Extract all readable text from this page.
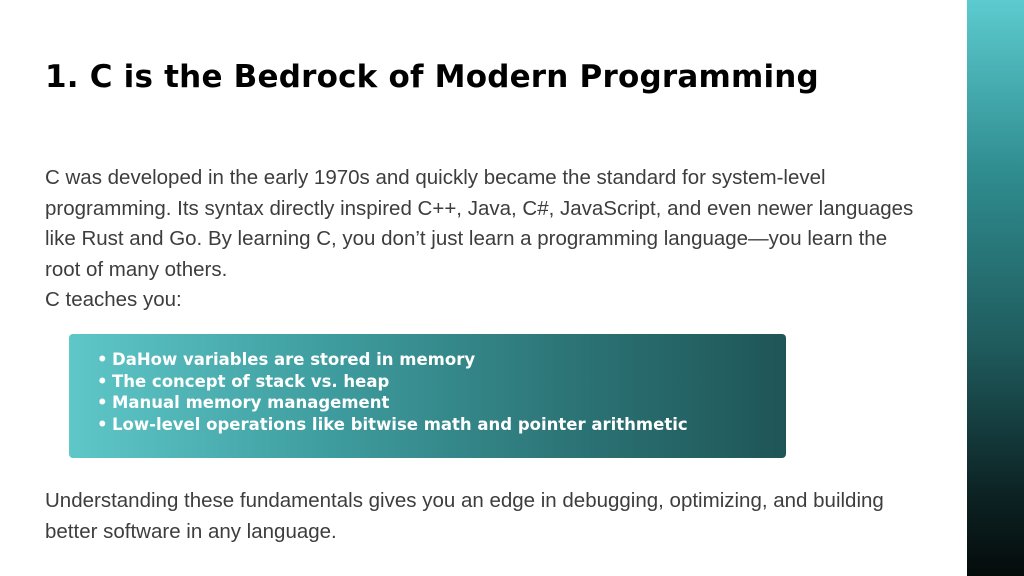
1. C is the Bedrock of Modern Programming

C was developed in the early 1970s and quickly became the standard for system-level programming. Its syntax directly inspired C++, Java, C#, JavaScript, and even newer languages like Rust and Go. By learning C, you don’t just learn a programming language—you learn the root of many others.

C teaches you:

• DaHow variables are stored in memory
• The concept of stack vs. heap
• Manual memory management
• Low-level operations like bitwise math and pointer arithmetic

Understanding these fundamentals gives you an edge in debugging, optimizing, and building better software in any language.
